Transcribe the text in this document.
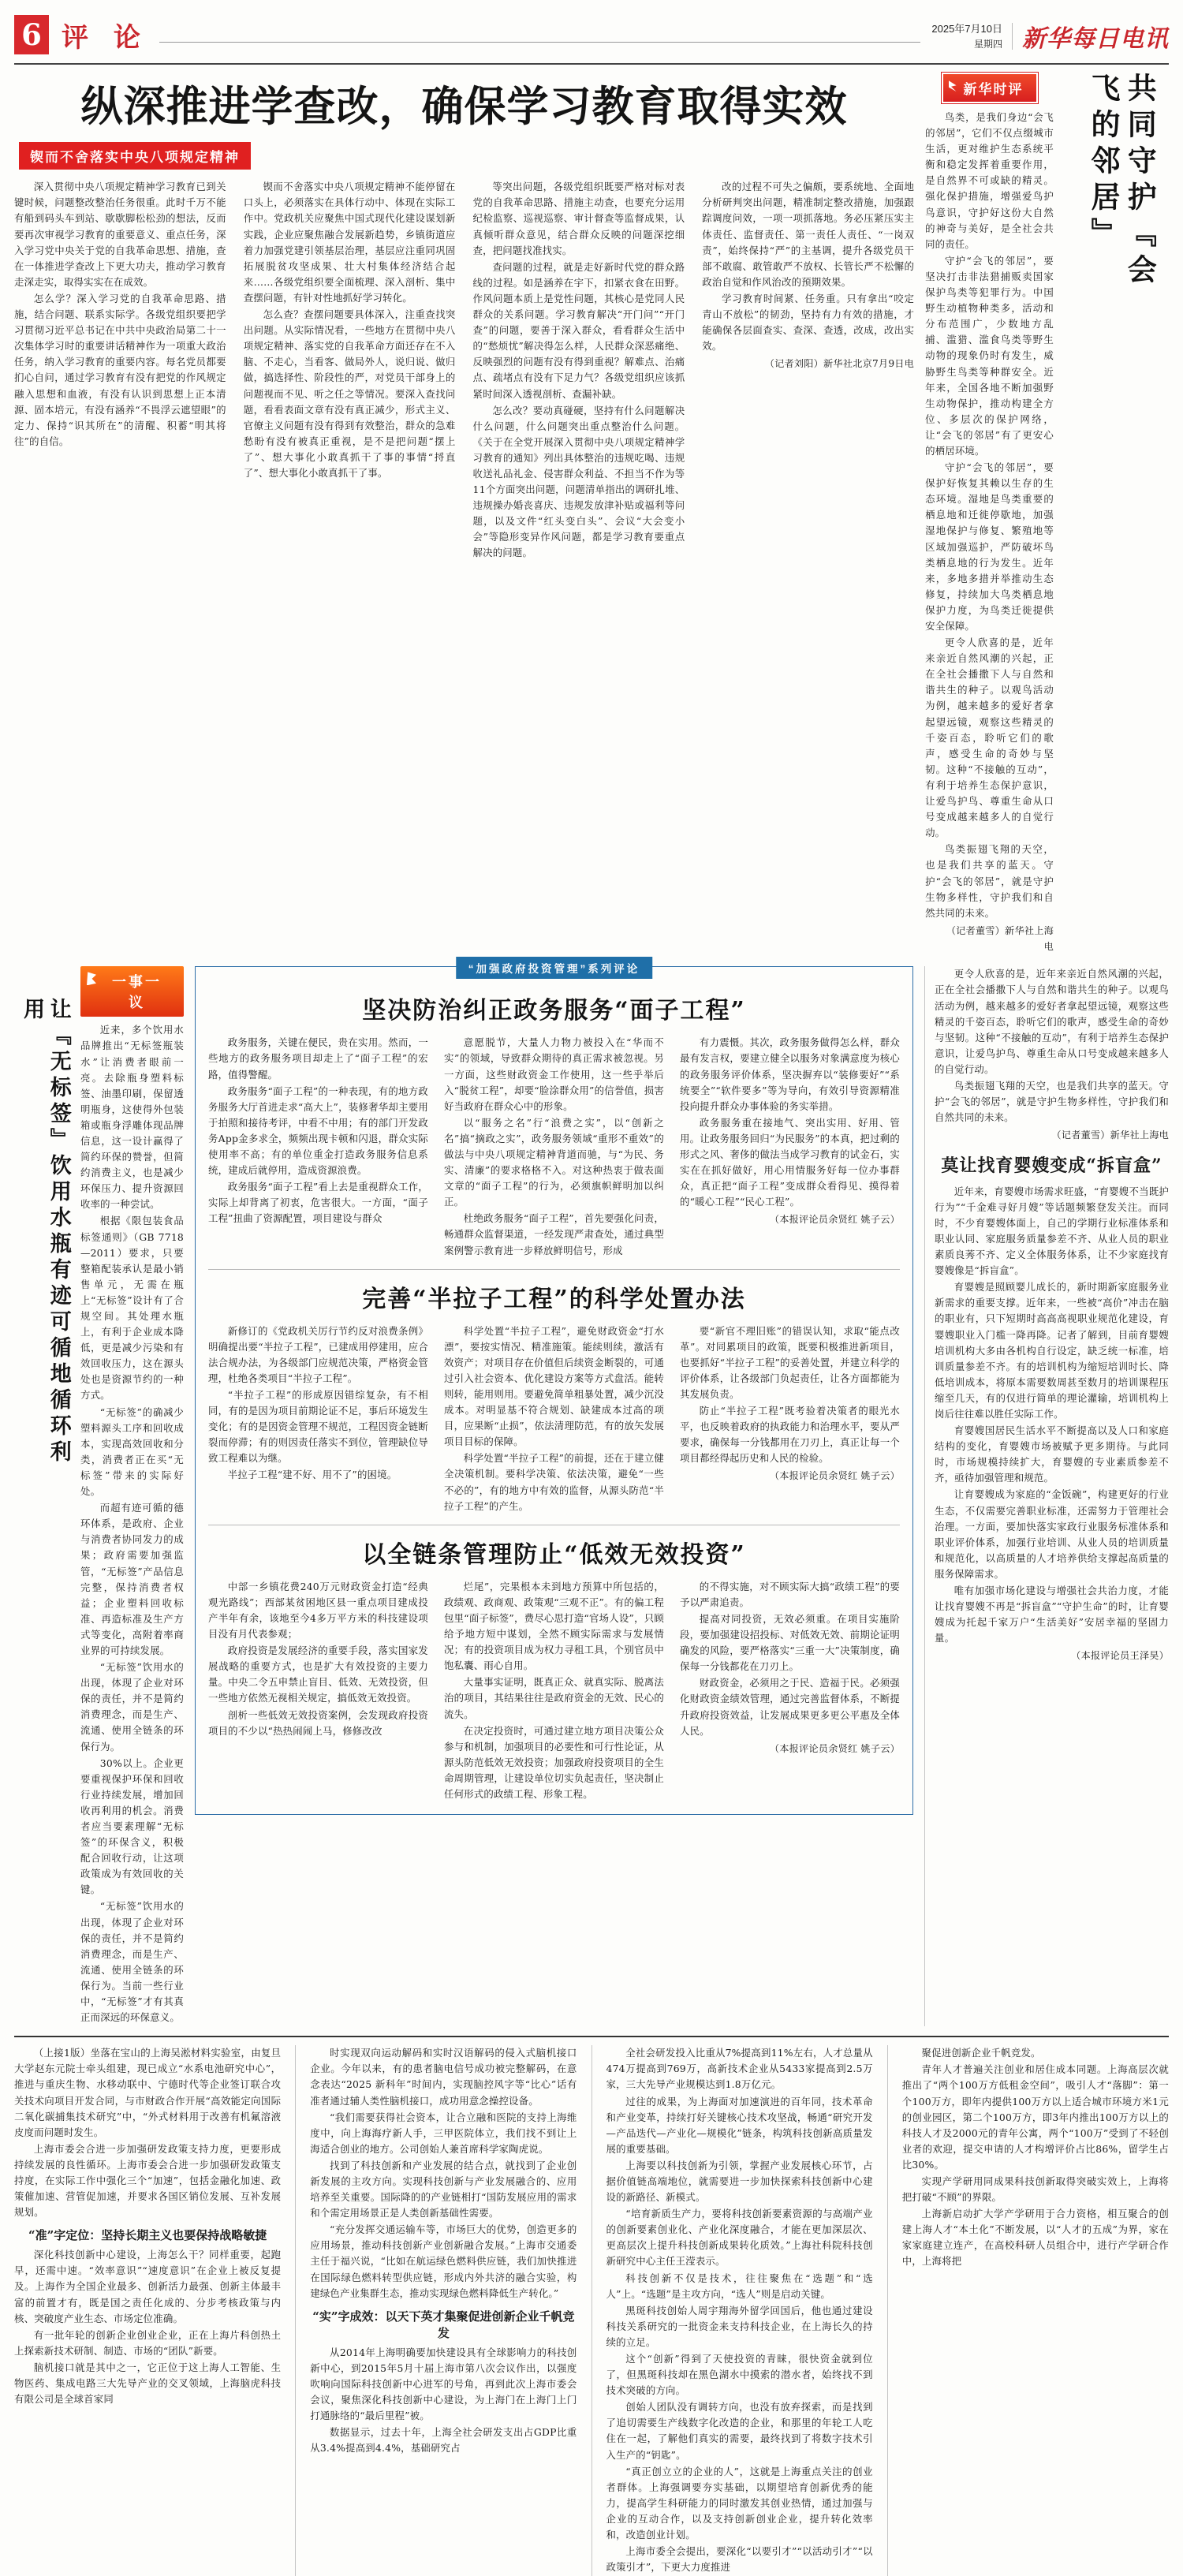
6 评 论	2025年7月10日
星期四 新华每日电讯
纵深推进学查改，确保学习教育取得实效
锲而不舍落实中央八项规定精神

深入贯彻中央八项规定精神学习教育已到关键时候，问题整改整治任务很重。此时千万不能有船到码头车到站、歇歇脚松松劲的想法，反而要再次审视学习教育的重要意义、重点任务，深入学习党中央关于党的自我革命思想、措施，查在一体推进学查改上下更大功夫，推动学习教育走深走实，取得实实在在成效。

怎么学？深入学习党的自我革命思路、措施，结合问题、联系实际学。各级党组织要把学习贯彻习近平总书记在中共中央政治局第二十一次集体学习时的重要讲话精神作为一项重大政治任务，纳入学习教育的重要内容。每名党员都要扪心自问，通过学习教育有没有把党的作风规定融入思想和血液，有没有认识到思想上正本清源、固本培元，有没有涵养“不畏浮云遮望眼”的定力、保持“识其所在”的清醒、积蓄“明其将往”的自信。

锲而不舍落实中央八项规定精神不能停留在口头上，必须落实在具体行动中、体现在实际工作中。党政机关应聚焦中国式现代化建设谋划新实践，企业应聚焦融合发展新趋势，乡镇街道应着力加强党建引领基层治理，基层应注重同巩固拓展脱贫攻坚成果、壮大村集体经济结合起来……各级党组织要全面梳理、深入剖析、集中查摆问题，有针对性地抓好学习转化。

怎么查？查摆问题要具体深入，注重查找突出问题。从实际情况看，一些地方在贯彻中央八项规定精神、落实党的自我革命方面还存在不入脑、不走心，当看客、做局外人，说归说、做归做，搞选择性、阶段性的严，对党员干部身上的问题视而不见、听之任之等情况。要深入查找问题，看看表面文章有没有真正减少，形式主义、官僚主义问题有没有得到有效整治，群众的急难愁盼有没有被真正重视，是不是把问题“摆上了”、想大事化小敢真抓干了事的事情“捋直了”、想大事化小敢真抓干了事。

等突出问题，各级党组织既要严格对标对表党的自我革命思路、措施主动查，也要充分运用纪检监察、巡视巡察、审计督查等监督成果，认真倾听群众意见，结合群众反映的问题深挖细查，把问题找准找实。

查问题的过程，就是走好新时代党的群众路线的过程。如是涵养在宇下，扣紧衣食在田野。作风问题本质上是党性问题，其核心是党同人民群众的关系问题。学习教育解决“开门问”“开门查”的问题，要善于深入群众，看看群众生活中的“愁烦忧”解决得怎么样，人民群众深恶痛绝、反映强烈的问题有没有得到重视？解难点、治痛点、疏堵点有没有下足力气？各级党组织应该抓紧时间深入透视剖析、查漏补缺。

怎么改？要动真碰硬，坚持有什么问题解决什么问题，什么问题突出重点整治什么问题。《关于在全党开展深入贯彻中央八项规定精神学习教育的通知》列出具体整治的违规吃喝、违规收送礼品礼金、侵害群众利益、不担当不作为等11个方面突出问题，问题清单指出的调研扎堆、违规操办婚丧喜庆、违规发放津补贴或福利等问题，以及文件“红头变白头”、会议“大会变小会”等隐形变异作风问题，都是学习教育要重点解决的问题。

改的过程不可失之偏颇，要系统地、全面地分析研判突出问题，精准制定整改措施，加强跟踪调度问效，一项一项抓落地。务必压紧压实主体责任、监督责任、第一责任人责任、“一岗双责”，始终保持“严”的主基调，提升各级党员干部不敢腐、敢管敢严不放权、长管长严不松懈的政治自觉和作风治改的预期效果。

学习教育时间紧、任务重。只有拿出“咬定青山不放松”的韧劲，坚持有力有效的措施，才能确保各层面查实、查深、查透，改成，改出实效。

（记者刘阳）新华社北京7月9日电

新华时评

鸟类，是我们身边“会飞的邻居”，它们不仅点缀城市生活，更对维护生态系统平衡和稳定发挥着重要作用，是自然界不可或缺的精灵。强化保护措施，增强爱鸟护鸟意识，守护好这份大自然的神奇与美好，是全社会共同的责任。

守护“会飞的邻居”，要坚决打击非法猎捕贩卖国家保护鸟类等犯罪行为。中国野生动植物种类多，活动和分布范围广，少数地方乱捕、滥猎、滥食鸟类等野生动物的现象仍时有发生，威胁野生鸟类等种群安全。近年来，全国各地不断加强野生动物保护，推动构建全方位、多层次的保护网络，让“会飞的邻居”有了更安心的栖居环境。

守护“会飞的邻居”，要保护好恢复其赖以生存的生态环境。湿地是鸟类重要的栖息地和迁徙停歇地，加强湿地保护与修复、繁殖地等区域加强巡护，严防破坏鸟类栖息地的行为发生。近年来，多地多措并举推动生态修复，持续加大鸟类栖息地保护力度，为鸟类迁徙提供安全保障。

更令人欣喜的是，近年来亲近自然风潮的兴起，正在全社会播撒下人与自然和谐共生的种子。以观鸟活动为例，越来越多的爱好者拿起望远镜，观察这些精灵的千姿百态，聆听它们的歌声，感受生命的奇妙与坚韧。这种“不接触的互动”，有利于培养生态保护意识，让爱鸟护鸟、尊重生命从口号变成越来越多人的自觉行动。

鸟类振翅飞翔的天空，也是我们共享的蓝天。守护“会飞的邻居”，就是守护生物多样性，守护我们和自然共同的未来。

（记者董雪）新华社上海电

共同守护『会飞的邻居』
让『无标签』饮用水瓶有迹可循地循环利用
一事一议

近来，多个饮用水品牌推出“无标签瓶装水”让消费者眼前一亮。去除瓶身塑料标签、油墨印刷，保留透明瓶身，这使得外包装箱或瓶身浮雕体现品牌信息，这一设计赢得了简约环保的赞誉，但简约消费主义，也是减少环保压力、提升资源回收率的一种尝试。

根据《限包装食品标签通则》（GB 7718—2011）要求，只要整箱配装承认是最小销售单元，无需在瓶上“无标签”设计有了合规空间。其处理水瓶上，有利于企业成本降低，更是减少污染和有效回收压力，这在源头处也是资源节约的一种方式。

“无标签”的确减少塑料源头工序和回收成本，实现高效回收和分类，消费者正在买“无标签”带来的实际好处。

而超有迹可循的德环体系，是政府、企业与消费者协同发力的成果；政府需要加强监管，“无标签”产品信息完整，保持消费者权益；企业塑料回收标准、再造标准及生产方式等变化，高附着率商业界的可持续发展。

“无标签”饮用水的出现，体现了企业对环保的责任，并不是简约消费理念，而是生产、流通、使用全链条的环保行为。

30%以上。企业更要重视保护环保和回收行业持续发展，增加回收再利用的机会。消费者应当要素理解“无标签”的环保含义，积极配合回收行动，让这项政策成为有效回收的关键。

“无标签”饮用水的出现，体现了企业对环保的责任，并不是简约消费理念，而是生产、流通、使用全链条的环保行为。当前一些行业中，“无标签”才有其真正而深远的环保意义。

“加强政府投资管理”系列评论
坚决防治纠正政务服务“面子工程”

政务服务，关键在便民，贵在实用。然而，一些地方的政务服务项目却走上了“面子工程”的宏路，值得警醒。

政务服务“面子工程”的一种表现，有的地方政务服务大厅首进走求“高大上”，装修奢华却主要用于拍照和接待考评，中看不中用；有的部门开发政务App金多求全，频频出现卡顿和闪退，群众实际使用率不高；有的单位重金打造政务服务信息系统，建成后就停用，造成资源浪费。

政务服务“面子工程”看上去是重视群众工作，实际上却背离了初衷，危害很大。一方面，“面子工程”扭曲了资源配置，项目建设与群众

意愿脱节，大量人力物力被投入在“华而不实”的领域，导致群众期待的真正需求被忽视。另一方面，这些财政资金工作使用，这一些乎举后入“脱贫工程”，却要“脸涂群众用”的信誉值，损害好当政府在群众心中的形象。

以“服务之名”行“浪费之实”，以“创新之名”搞“摘政之实”，政务服务领域“重形不重效”的做法与中央八项规定精神背道而驰，与“为民、务实、清廉”的要求格格不入。对这种热衷于做表面文章的“面子工程”的行为，必须旗帜鲜明加以纠正。

杜绝政务服务“面子工程”，首先要强化问责，畅通群众监督渠道，一经发现严肃查处，通过典型案例警示教育进一步释放鲜明信号，形成

有力震慑。其次，政务服务做得怎么样，群众最有发言权，要建立健全以服务对象满意度为核心的政务服务评价体系，坚决摒弃以“装修要好”“系统要全”“软件要多”等为导向，有效引导资源精准投向提升群众办事体验的务实举措。

政务服务重在接地气、突出实用、好用、管用。让政务服务回归“为民服务”的本真，把过剩的形式之风、奢侈的做法当成学习教育的试金石，实实在在抓好做好，用心用情服务好每一位办事群众，真正把“面子工程”变成群众看得见、摸得着的“暖心工程”“民心工程”。

（本报评论员余贤红 姚子云）

完善“半拉子工程”的科学处置办法

新修订的《党政机关厉行节约反对浪费条例》明确提出要“半拉子工程”，已建成用停建用，应合法合规办法，为各级部门应规范决策，严格资金管理，杜绝各类项目“半拉子工程”。

“半拉子工程”的形成原因错综复杂，有不相同，有的是因为项目前期论证不足，事后环境发生变化；有的是因资金管理不规范，工程因资金链断裂而停滞；有的则因责任落实不到位，管理缺位导致工程难以为继。

半拉子工程“建不好、用不了”的困境。

科学处置“半拉子工程”，避免财政资金“打水漂”，要按实情况、精准施策。能续则续，激活有效资产；对项目存在价值但后续资金断裂的，可通过引入社会资本、优化建设方案等方式盘活。能转则转，能用则用。要避免简单粗暴处置，减少沉没成本。对明显基不符合规划、缺建成本过高的项目，应果断“止损”，依法清理防范，有的放矢发展项目目标的保障。

科学处置“半拉子工程”的前提，还在于建立健全决策机制。要科学决策、依法决策，避免“一些不必的”，有的地方中有效的监督，从源头防范“半拉子工程”的产生。

要“新官不理旧账”的错误认知，求取“能点改革”。对同累项目的政策，既要积极推进新项目，也要抓好“半拉子工程”的妥善处置，并建立科学的评价体系，让各级部门负起责任，让各方面都能为其发展负责。

防止“半拉子工程”既考验着决策者的眼光水平，也反映着政府的执政能力和治理水平，要从严要求，确保每一分钱都用在刀刃上，真正让每一个项目都经得起历史和人民的检验。

（本报评论员余贤红 姚子云）

以全链条管理防止“低效无效投资”

中部一乡镇花费240万元财政资金打造“经典观光路线”；西部某贫困地区县一重点项目建成投产半年有余，该地至今4多万平方米的科技建设项目没有月代表参观；

政府投资是发展经济的重要手段，落实国家发展战略的重要方式，也是扩大有效投资的主要力量。中央二令五申禁止盲目、低效、无效投资，但一些地方依然无视相关规定，搞低效无效投资。

剖析一些低效无效投资案例，会发现政府投资项目的不少以“热热闹闹上马，修修改改

烂尾”，完果根本未到地方预算中所包括的，政绩观、政商观、政策观“三观不正”。有的偏工程包里“面子标签”，费尽心思打造“官场人设”，只顾给予地方短中谋划，全然不顾实际需求与发展情况；有的投资项目成为权力寻租工具，个别官员中饱私囊、雨心自用。

大量事实证明，既真正众、就真实际、脱离法治的项目，其结果往往是政府资金的无效、民心的流失。

在决定投资时，可通过建立地方项目决策公众参与和机制，加强项目的必要性和可行性论证，从源头防范低效无效投资；加强政府投资项目的全生命周期管理，让建设单位切实负起责任，坚决制止任何形式的政绩工程、形象工程。

的不得实施，对不顾实际大搞“政绩工程”的要予以严肃追责。

提高对同投资，无效必须重。在项目实施阶段，要加强建设招投标、对低效无效、前期论证明确发的风险，要严格落实“三重一大”决策制度，确保每一分钱都花在刀刃上。

财政资金，必须用之于民、造福于民。必须强化财政资金绩效管理，通过完善监督体系，不断提升政府投资效益，让发展成果更多更公平惠及全体人民。

（本报评论员余贤红 姚子云）

更令人欣喜的是，近年来亲近自然风潮的兴起，正在全社会播撒下人与自然和谐共生的种子。以观鸟活动为例，越来越多的爱好者拿起望远镜，观察这些精灵的千姿百态，聆听它们的歌声，感受生命的奇妙与坚韧。这种“不接触的互动”，有利于培养生态保护意识，让爱鸟护鸟、尊重生命从口号变成越来越多人的自觉行动。

鸟类振翅飞翔的天空，也是我们共享的蓝天。守护“会飞的邻居”，就是守护生物多样性，守护我们和自然共同的未来。

（记者董雪）新华社上海电

莫让找育婴嫂变成“拆盲盒”

近年来，育婴嫂市场需求旺盛，“育婴嫂不当既护行为”“千金难寻好月嫂”等话题频繁登发关注。而同时，不少育婴嫂体面上，自己的学期行业标准体系和职业认同、家庭服务质量参差不齐、从业人员的职业素质良莠不齐、定义全体服务体系，让不少家庭找育婴嫂像是“拆盲盒”。

育婴嫂是照顾婴儿成长的，新时期新家庭服务业新需求的重要支撑。近年来，一些被“高价”冲击在脑的职业有，只下短期时高高高视职业规范化建设，育婴嫂职业入门槛一降再降。记者了解到，目前育婴嫂培训机构大多由各机构自行设定，缺乏统一标准，培训质量参差不齐。有的培训机构为缩短培训时长、降低培训成本，将原本需要数周甚至数月的培训课程压缩至几天，有的仅进行简单的理论灌输，培训机构上岗后往往难以胜任实际工作。

育婴嫂国居民生活水平不断提高以及人口和家庭结构的变化，育婴嫂市场被赋予更多期待。与此同时，市场规模持续扩大，育婴嫂的专业素质参差不齐，亟待加强管理和规范。

让育婴嫂成为家庭的“金饭碗”，构建更好的行业生态，不仅需要完善职业标准，还需努力于管理社会治理。一方面，要加快落实家政行业服务标准体系和职业评价体系，加强行业培训、从业人员的培训质量和规范化，以高质量的人才培养供给支撑起高质量的服务保障需求。

唯有加强市场化建设与增强社会共治力度，才能让找育婴嫂不再是“拆盲盒”“守护生命”的时，让育婴嫂成为托起千家万户“生活美好”安居幸福的坚固力量。

（本报评论员王泽昊）

（上接1版）坐落在宝山的上海吴淞材料实验室，由复旦大学赵东元院士牵头组建，现已成立“水系电池研究中心”，推进与重庆生物、水移动联中、宁德时代等企业签订联合攻关技术向项目开发合同，与市财政合作开展“高效能定向国际二氧化碳捕集技术研究”中，“外式材料用于改善有机氟溶液皮度而问题时发生。

上海市委会合进一步加强研发政策支持力度，更要形成持续发展的良性循环。上海市委会合进一步加强研发政策支持度，在实际工作中强化三个“加速”，包括金融化加速、政策催加速、营管促加速，并要求各国区销位发展、互补发展规划。

“准”字定位：坚持长期主义也要保持战略敏捷

深化科技创新中心建设，上海怎么干？同样重要，起跑早，还需中速。“效率意识”“速度意识”在企业上被反复提及。上海作为全国企业最多、创新活力最强、创新主体最丰富的前置才有，既是国之责任化成的、分步考核政策与内核、突破度产业生态、市场定位准确。

有一批年轮的创新企业创业企业，正在上海片科创热土上探索新技术研制、制造、市场的“团队”新要。

脑机接口就是其中之一，它正位于这上海人工智能、生物医药、集成电路三大先导产业的交叉领域，上海脑虎科技有限公司是全球首家同

时实现双向运动解码和实时汉语解码的侵入式脑机接口企业。今年以来，有的患者脑电信号成功被完整解码，在意念表达“2025 新科年”时间内，实现脑控风字等“比心”话有准者通过辅人类性脑机接口，成功用意念操控设备。

“我们需要获得社会资本，让合立融和医院的支持上海维度中，向上海海疗新人手，三甲医院体立，我们找不到让上海适合创业的地方。公司创始人兼首席科学家陶虎说。

找到了科技创新和产业发展的结合点，就找到了企业创新发展的主攻方向。实现科技创新与产业发展融合的、应用培养至关重要。国际降的的产业链相打“国防发展应用的需求和个需定用场景正是人类创新基础性需要。

“充分发挥交通运输车等，市场巨大的优势，创造更多的应用场景，推动科技创新产业创新融合发展。”上海市交通委主任于福兴说，“比如在航运绿色燃料供应链，我们加快推进在国际绿色燃料转型供应链，形成内外共济的融合实验，构建绿色产业集群生态，推动实现绿色燃料降低生产转化。”

“实”字成效：以天下英才集聚促进创新企业千帆竞发

从2014年上海明确要加快建设具有全球影响力的科技创新中心，到2015年5月十届上海市第八次会议作出，以强度吹响向国际科技创新中心进军的号角，再到此次上海市委会会议，聚焦深化科技创新中心建设，为上海门在上海门上门打通脉络的“最后里程”被。

数据显示，过去十年，上海全社会研发支出占GDP比重从3.4%提高到4.4%，基础研究占

全社会研发投入比重从7%提高到11%左右，人才总量从474万提高到769万，高新技术企业从5433家提高到2.5万家，三大先导产业规模达到1.8万亿元。

过往的成果，为上海面对加速演进的百年同，技术革命和产业变革，持续打好关键核心技术攻坚战，畅通“研究开发—产品迭代—产业化—规模化”链条，构筑科技创新高质量发展的重要基础。

上海要以科技创新为引领，掌握产业发展核心环节，占据价值链高端地位，就需要进一步加快探索科技创新中心建设的新路径、新模式。

“培育新质生产力，要将科技创新要素资源的与高端产业的创新要素创业化、产业化深度融合，才能在更加深层次、更高层次上提升科技创新成果转化质效。”上海社科院科技创新研究中心主任王滢表示。

科技创新不仅是技术，往往聚焦在“选题”和“选人”上。“选题”是主攻方向，“选人”则是启动关键。

黑斑科技创始人周宇翔海外留学回国后，他也通过建设科技关系研究的一批资金来支持科技企业，在上海长久的持续的立足。

这个“创新”得到了天使投资的青睐，很快资金就到位了，但黑斑科技却在黑色湖水中摸索的潜水者，始终找不到技术突破的方向。

创始人团队没有调转方向，也没有放弃探索，而是找到了追切需要生产线数字化改造的企业，和那里的年轮工人吃住在一起，了解他们真实的需要，最终找到了将数字技术引入生产的“钥匙”。

“真正创立立的企业的人”，这就是上海重点关注的创业者群体。上海强调要夯实基础，以期望培育创新优秀的能力，提高学生科研能力的同时激发其创业热情，通过加强与企业的互动合作，以及支持创新创业企业，提升转化效率和，改造创业计划。

上海市委全会提出，要深化“以要引才”“以活动引才”“以政策引才”，下更大力度推进

聚促进创新企业千帆竞发。

青年人才普遍关注创业和居住成本同题。上海高层次就推出了“两个100万方低租金空间”，吸引人才“落脚”：第一个100万方，即年内提供100万方以上适合城市环境方米1元的创业园区，第二个100万方，即3年内推出100万方以上的科技人才及2000元的青年公寓，两个“100万”受到了不轻创业者的欢迎，提交申请的人才构增评价占比86%，留学生占比30%。

实现产学研用同成果科技创新取得突破实效上，上海将把打破“不顾”的界限。

上海新启动扩大学产学研用于合力资格，相互聚合的创建上海人才“本土化”不断发展，以“人才的五成”为界，家在家家庭建立连产，在高校科研人员组合中，进行产学研合作中，上海将把
